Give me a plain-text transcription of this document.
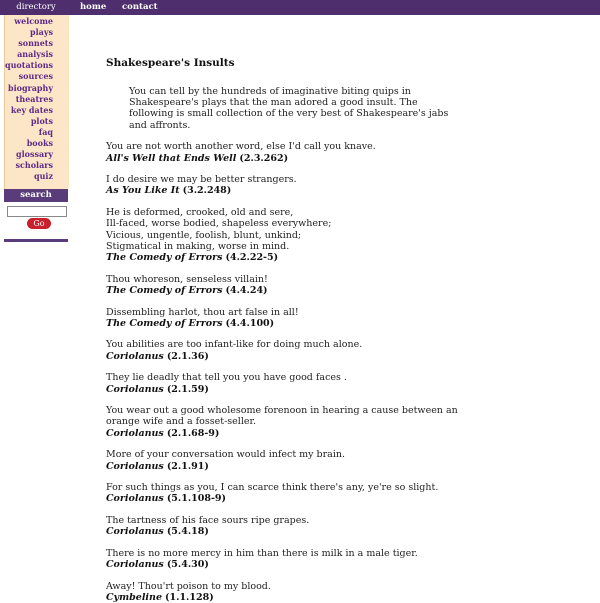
directory	home contact
welcome
plays
sonnets
analysis
quotations
sources
biography
theatres
key dates
plots
faq
books
glossary
scholars
quiz
search
Go
Shakespeare's Insults
You can tell by the hundreds of imaginative biting quips in Shakespeare's plays that the man adored a good insult. The following is small collection of the very best of Shakespeare's jabs and affronts.
You are not worth another word, else I'd call you knave.
All's Well that Ends Well (2.3.262)
I do desire we may be better strangers.
As You Like It (3.2.248)
He is deformed, crooked, old and sere,
Ill-faced, worse bodied, shapeless everywhere;
Vicious, ungentle, foolish, blunt, unkind;
Stigmatical in making, worse in mind.
The Comedy of Errors (4.2.22-5)
Thou whoreson, senseless villain!
The Comedy of Errors (4.4.24)
Dissembling harlot, thou art false in all!
The Comedy of Errors (4.4.100)
You abilities are too infant-like for doing much alone.
Coriolanus (2.1.36)
They lie deadly that tell you you have good faces .
Coriolanus (2.1.59)
You wear out a good wholesome forenoon in hearing a cause between an
orange wife and a fosset-seller.
Coriolanus (2.1.68-9)
More of your conversation would infect my brain.
Coriolanus (2.1.91)
For such things as you, I can scarce think there's any, ye're so slight.
Coriolanus (5.1.108-9)
The tartness of his face sours ripe grapes.
Coriolanus (5.4.18)
There is no more mercy in him than there is milk in a male tiger.
Coriolanus (5.4.30)
Away! Thou'rt poison to my blood.
Cymbeline (1.1.128)
